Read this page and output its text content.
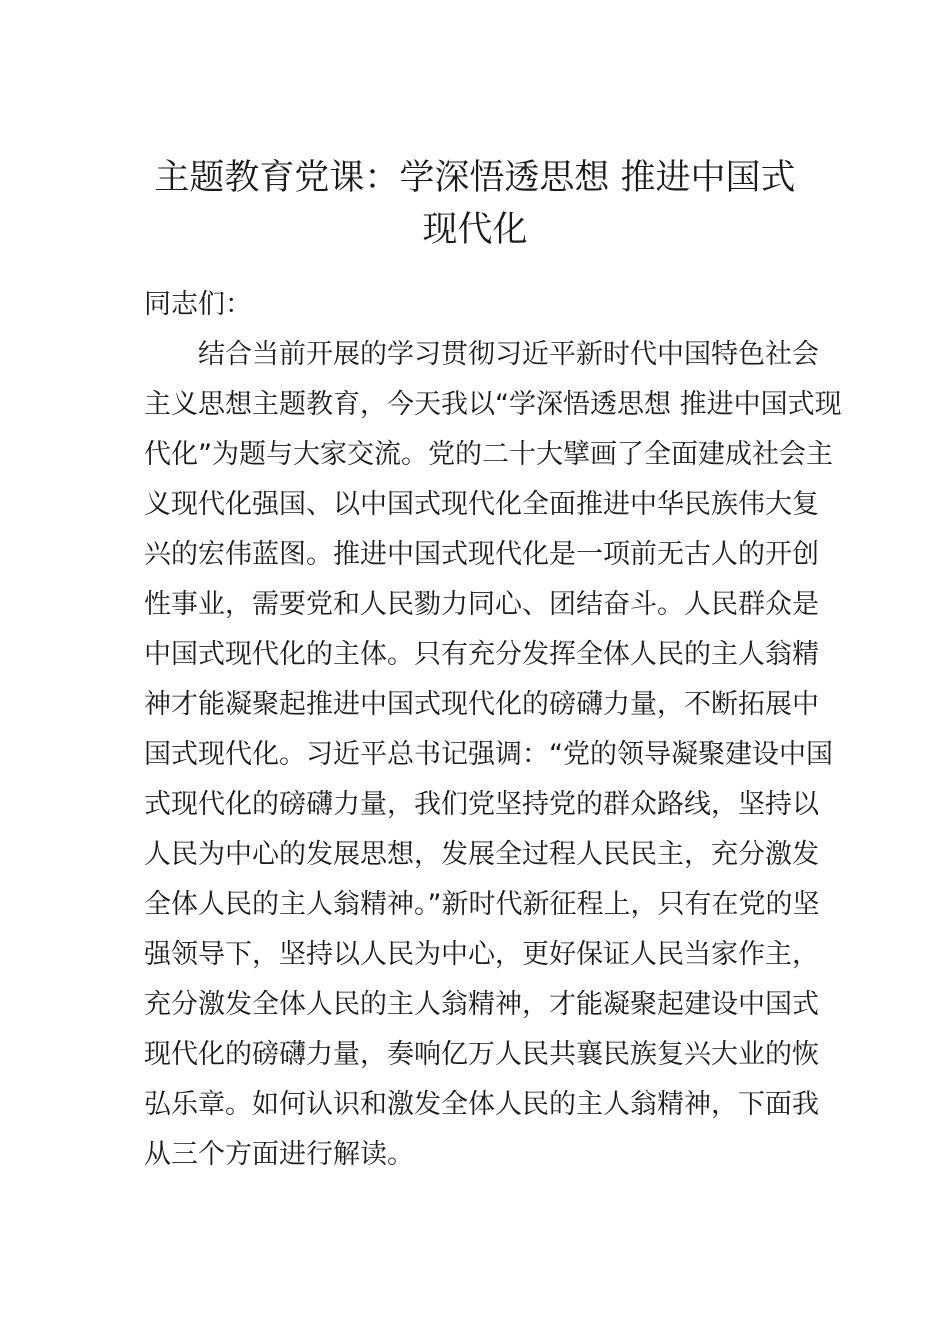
主题教育党课：学深悟透思想 推进中国式
现代化
同志们：
结合当前开展的学习贯彻习近平新时代中国特色社会
主义思想主题教育，今天我以“学深悟透思想 推进中国式现
代化”为题与大家交流。党的二十大擘画了全面建成社会主
义现代化强国、以中国式现代化全面推进中华民族伟大复
兴的宏伟蓝图。推进中国式现代化是一项前无古人的开创
性事业，需要党和人民勠力同心、团结奋斗。人民群众是
中国式现代化的主体。只有充分发挥全体人民的主人翁精
神才能凝聚起推进中国式现代化的磅礴力量，不断拓展中
国式现代化。习近平总书记强调：“党的领导凝聚建设中国
式现代化的磅礴力量，我们党坚持党的群众路线，坚持以
人民为中心的发展思想，发展全过程人民民主，充分激发
全体人民的主人翁精神。”新时代新征程上，只有在党的坚
强领导下，坚持以人民为中心，更好保证人民当家作主，
充分激发全体人民的主人翁精神，才能凝聚起建设中国式
现代化的磅礴力量，奏响亿万人民共襄民族复兴大业的恢
弘乐章。如何认识和激发全体人民的主人翁精神，下面我
从三个方面进行解读。
